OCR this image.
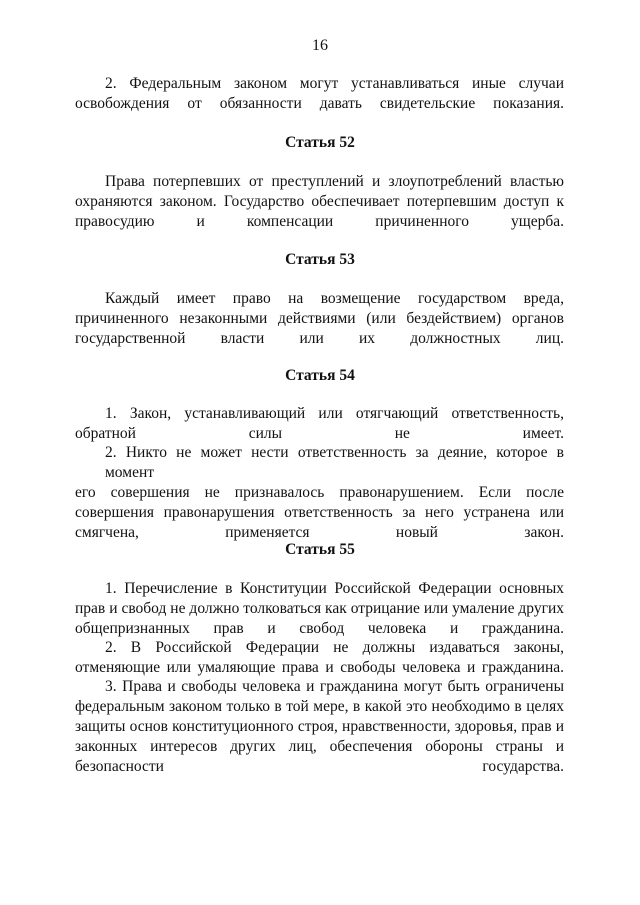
16
2. Федеральным законом могут устанавливаться иные случаи
освобождения от обязанности давать свидетельские показания.
Статья 52
Права потерпевших от преступлений и злоупотреблений властью
охраняются законом. Государство обеспечивает потерпевшим доступ к
правосудию и компенсации причиненного ущерба.
Статья 53
Каждый имеет право на возмещение государством вреда,
причиненного незаконными действиями (или бездействием) органов
государственной власти или их должностных лиц.
Статья 54
1. Закон, устанавливающий или отягчающий ответственность,
обратной силы не имеет.
2. Никто не может нести ответственность за деяние, которое в момент
его совершения не признавалось правонарушением. Если после
совершения правонарушения ответственность за него устранена или
смягчена, применяется новый закон.
Статья 55
1. Перечисление в Конституции Российской Федерации основных
прав и свобод не должно толковаться как отрицание или умаление других
общепризнанных прав и свобод человека и гражданина.
2. В Российской Федерации не должны издаваться законы,
отменяющие или умаляющие права и свободы человека и гражданина.
3. Права и свободы человека и гражданина могут быть ограничены
федеральным законом только в той мере, в какой это необходимо в целях
защиты основ конституционного строя, нравственности, здоровья, прав и
законных интересов других лиц, обеспечения обороны страны и
безопасности государства.
